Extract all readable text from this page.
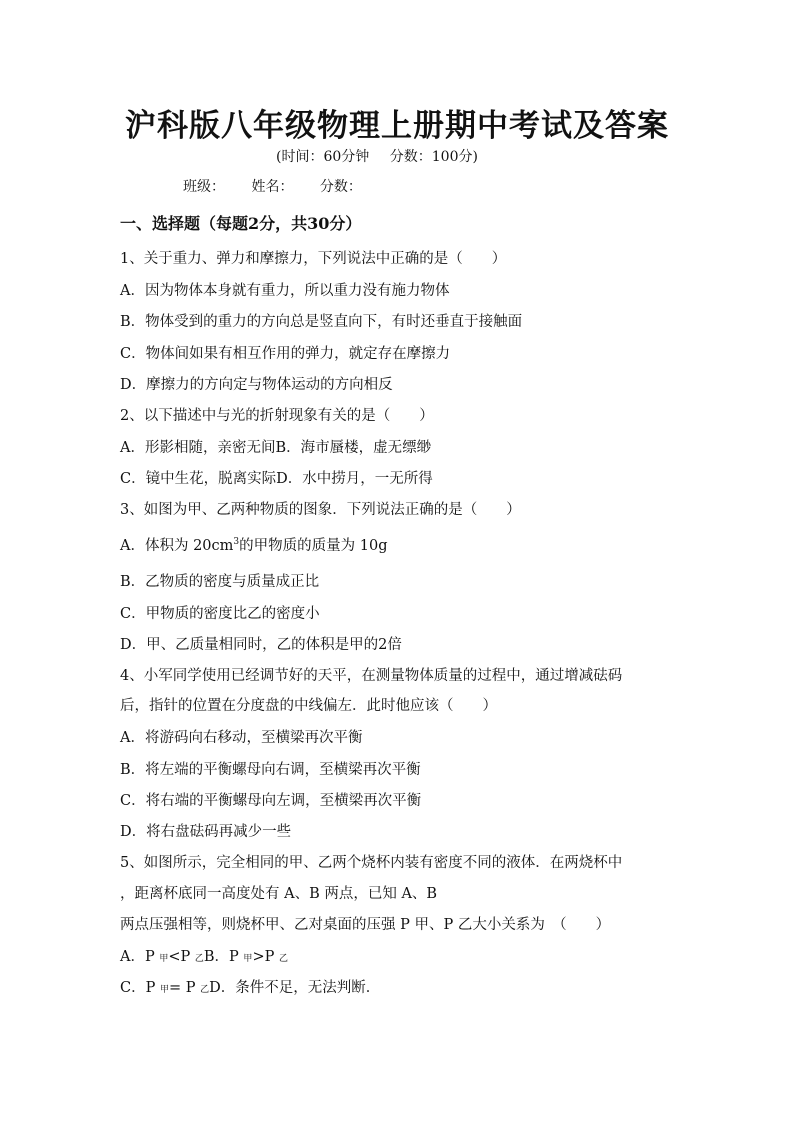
沪科版八年级物理上册期中考试及答案
(时间：60分钟 分数：100分)
班级： 姓名： 分数：
一、选择题（每题2分，共30分）
1、关于重力、弹力和摩擦力，下列说法中正确的是（　　）
A．因为物体本身就有重力，所以重力没有施力物体
B．物体受到的重力的方向总是竖直向下，有时还垂直于接触面
C．物体间如果有相互作用的弹力，就定存在摩擦力
D．摩擦力的方向定与物体运动的方向相反
2、以下描述中与光的折射现象有关的是（　　）
A．形影相随，亲密无间B．海市蜃楼，虚无缥缈
C．镜中生花，脱离实际D．水中捞月，一无所得
3、如图为甲、乙两种物质的图象．下列说法正确的是（　　）
A．体积为 $20cm^3$的甲物质的质量为 10g
B．乙物质的密度与质量成正比
C．甲物质的密度比乙的密度小
D．甲、乙质量相同时，乙的体积是甲的2倍
4、小军同学使用已经调节好的天平，在测量物体质量的过程中，通过增减砝码
后，指针的位置在分度盘的中线偏左．此时他应该（　　）
A．将游码向右移动，至横梁再次平衡
B．将左端的平衡螺母向右调，至横梁再次平衡
C．将右端的平衡螺母向左调，至横梁再次平衡
D．将右盘砝码再减少一些
5、如图所示，完全相同的甲、乙两个烧杯内装有密度不同的液体．在两烧杯中
，距离杯底同一高度处有 A、B 两点，已知 A、B
两点压强相等，则烧杯甲、乙对桌面的压强 P 甲、P 乙大小关系为　（　　）
A．P 甲<P 乙B．P 甲>P 乙
C．P 甲= P 乙D．条件不足，无法判断．
